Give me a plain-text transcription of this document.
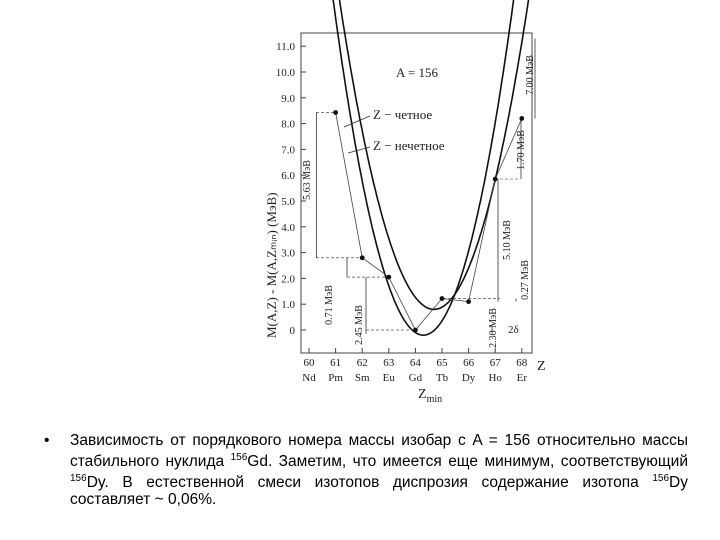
0
1.0
2.0
3.0
4.0
5.0
6.0
7.0
8.0
9.0
10.0
11.0
60
Nd
61
Pm
62
Sm
63
Eu
64
Gd
65
Tb
66
Dy
67
Ho
68
Er
5.63 МэВ
0.71 МэВ
2.45 МэВ	2.30 МэВ
5.10 МэВ
0.27 МэВ
1.70 МэВ
7.00 МэВ
2δ
A = 156
Z − четное
Z − нечетное
M(A,Z) - M(A,Zₘᵢₙ) (МэВ)
Z
$Z_{min}$
• Зависимость от порядкового номера массы изобар с A = 156 относительно массы стабильного нуклида $^{156}$Gd. Заметим, что имеется еще минимум, соответствующий $^{156}$Dy. В естественной смеси изотопов диспрозия содержание изотопа $^{156}$Dy составляет ~ 0,06%.
